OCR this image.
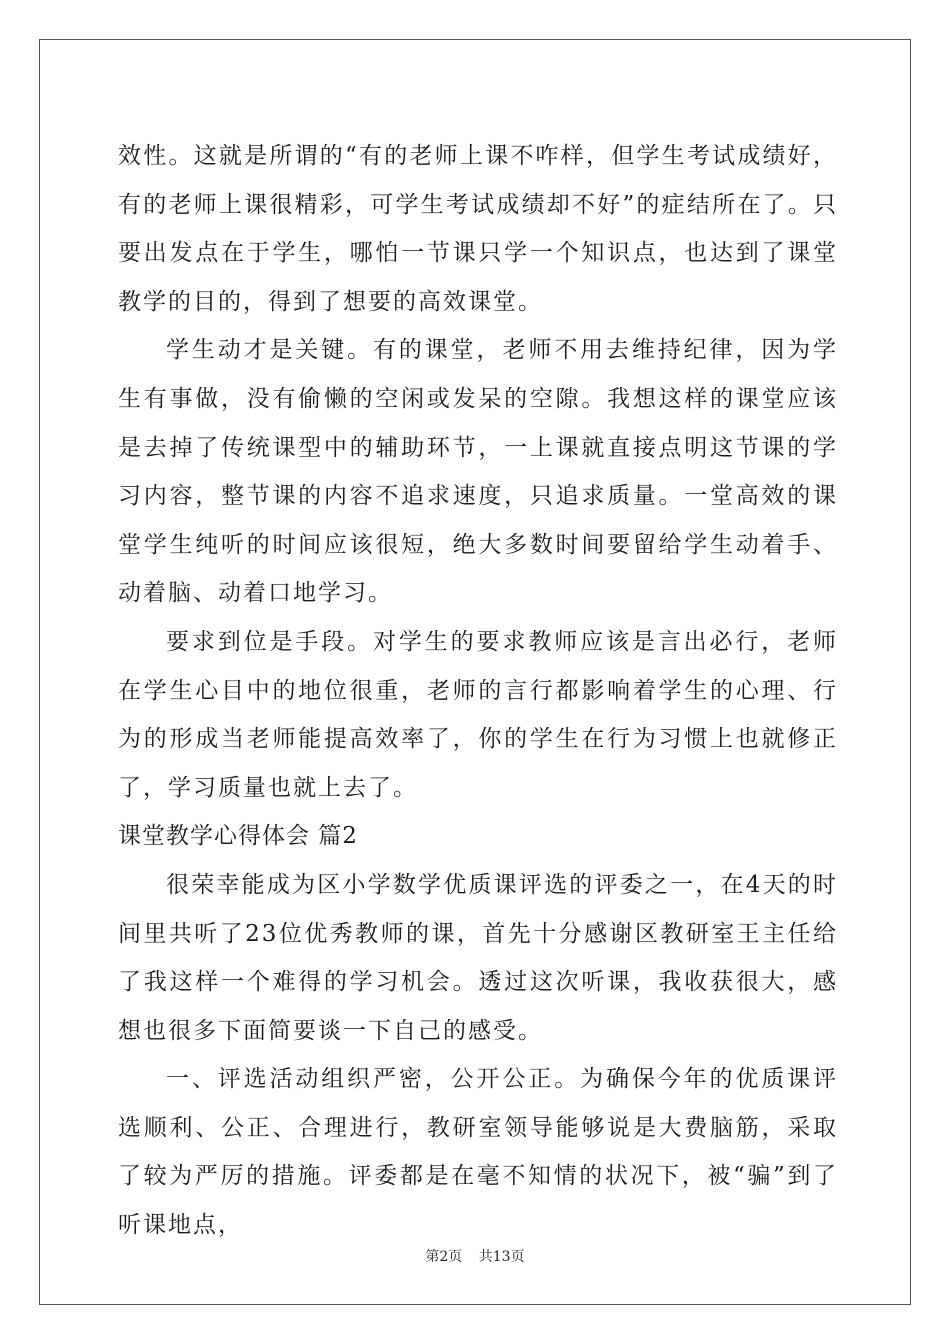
效性。这就是所谓的“有的老师上课不咋样，但学生考试成绩好，有的老师上课很精彩，可学生考试成绩却不好”的症结所在了。只要出发点在于学生，哪怕一节课只学一个知识点，也达到了课堂教学的目的，得到了想要的高效课堂。

学生动才是关键。有的课堂，老师不用去维持纪律，因为学生有事做，没有偷懒的空闲或发呆的空隙。我想这样的课堂应该是去掉了传统课型中的辅助环节，一上课就直接点明这节课的学习内容，整节课的内容不追求速度，只追求质量。一堂高效的课堂学生纯听的时间应该很短，绝大多数时间要留给学生动着手、动着脑、动着口地学习。

要求到位是手段。对学生的要求教师应该是言出必行，老师在学生心目中的地位很重，老师的言行都影响着学生的心理、行为的形成当老师能提高效率了，你的学生在行为习惯上也就修正了，学习质量也就上去了。

课堂教学心得体会 篇2

很荣幸能成为区小学数学优质课评选的评委之一，在4天的时间里共听了23位优秀教师的课，首先十分感谢区教研室王主任给了我这样一个难得的学习机会。透过这次听课，我收获很大，感想也很多下面简要谈一下自己的感受。

一、评选活动组织严密，公开公正。为确保今年的优质课评选顺利、公正、合理进行，教研室领导能够说是大费脑筋，采取了较为严厉的措施。评委都是在毫不知情的状况下，被“骗”到了听课地点，

第2页 共13页
